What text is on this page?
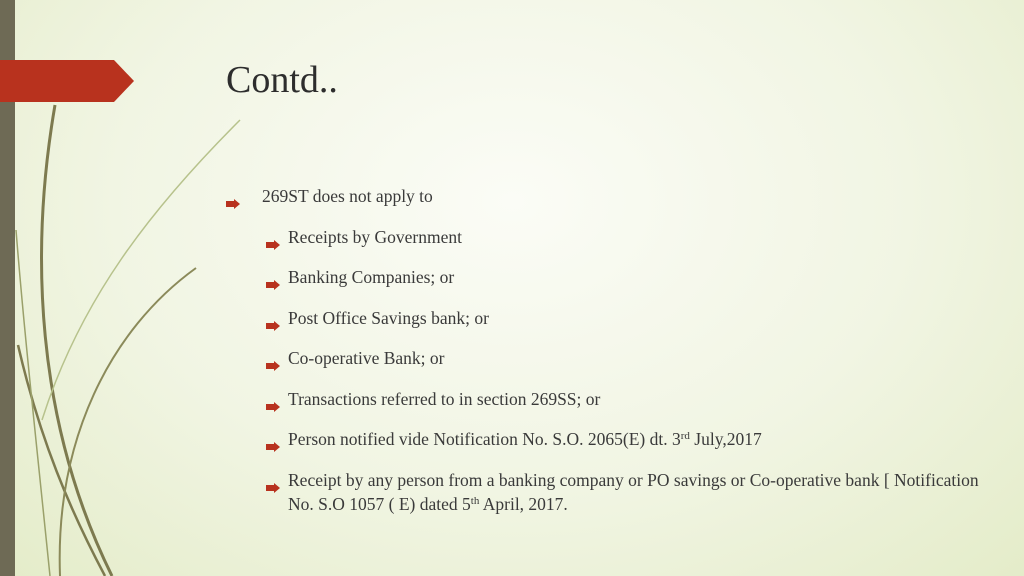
Contd..
269ST does not apply to
Receipts by Government
Banking Companies; or
Post Office Savings bank; or
Co-operative Bank; or
Transactions referred to in section 269SS; or
Person notified vide Notification No. S.O. 2065(E) dt. 3rd July,2017
Receipt by any person from a banking company or PO savings or Co-operative bank [ Notification No. S.O 1057 ( E) dated 5th April, 2017.
